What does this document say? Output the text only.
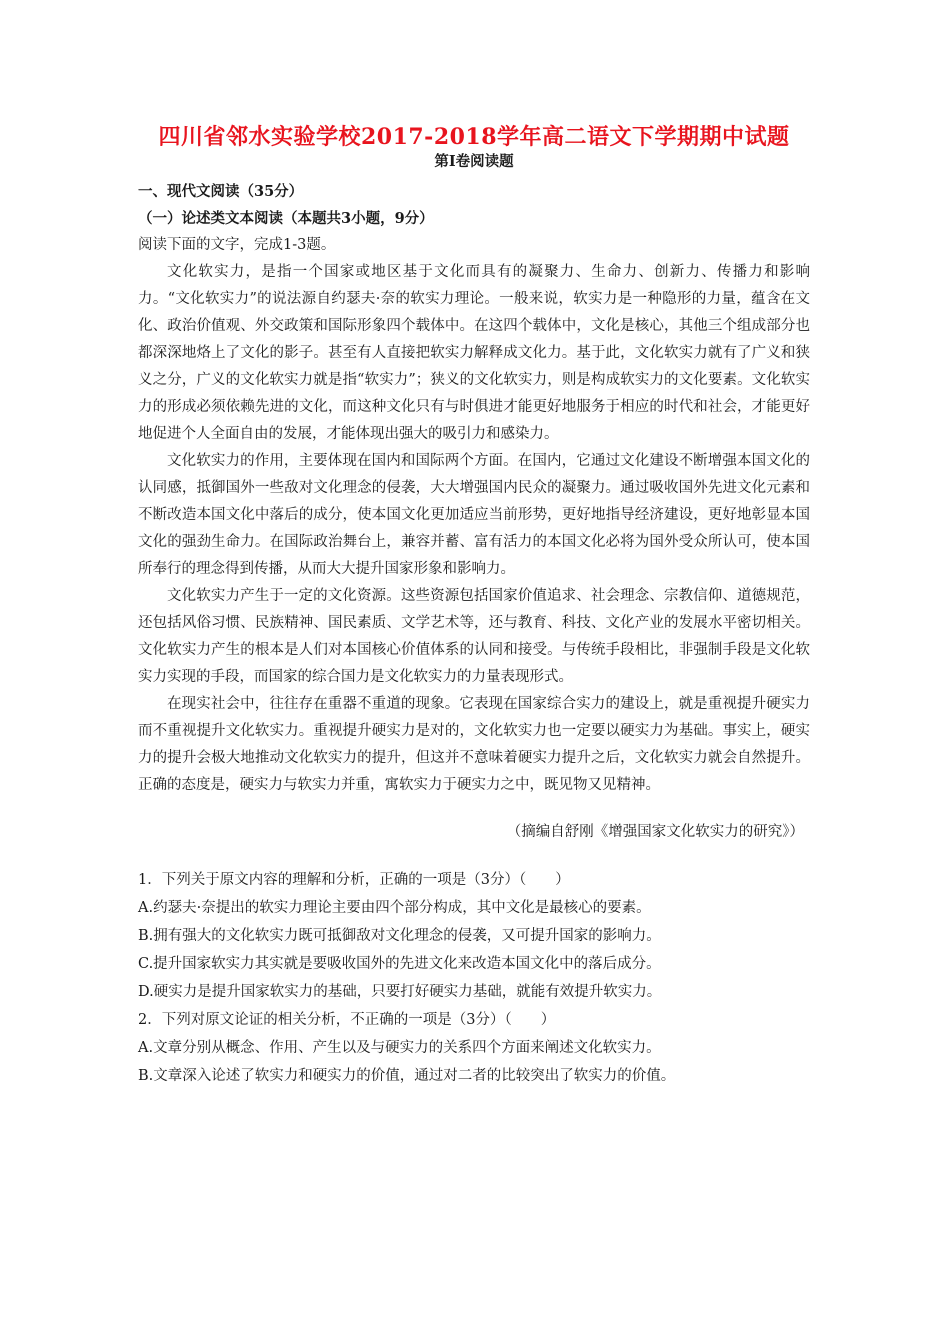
四川省邻水实验学校2017-2018学年高二语文下学期期中试题
第Ⅰ卷阅读题
一、现代文阅读（35分）
（一）论述类文本阅读（本题共3小题，9分）
阅读下面的文字，完成1-3题。

文化软实力，是指一个国家或地区基于文化而具有的凝聚力、生命力、创新力、传播力和影响力。“文化软实力”的说法源自约瑟夫·奈的软实力理论。一般来说，软实力是一种隐形的力量，蕴含在文化、政治价值观、外交政策和国际形象四个载体中。在这四个载体中，文化是核心，其他三个组成部分也都深深地烙上了文化的影子。甚至有人直接把软实力解释成文化力。基于此，文化软实力就有了广义和狭义之分，广义的文化软实力就是指“软实力”；狭义的文化软实力，则是构成软实力的文化要素。文化软实力的形成必须依赖先进的文化，而这种文化只有与时俱进才能更好地服务于相应的时代和社会，才能更好地促进个人全面自由的发展，才能体现出强大的吸引力和感染力。

文化软实力的作用，主要体现在国内和国际两个方面。在国内，它通过文化建设不断增强本国文化的认同感，抵御国外一些敌对文化理念的侵袭，大大增强国内民众的凝聚力。通过吸收国外先进文化元素和不断改造本国文化中落后的成分，使本国文化更加适应当前形势，更好地指导经济建设，更好地彰显本国文化的强劲生命力。在国际政治舞台上，兼容并蓄、富有活力的本国文化必将为国外受众所认可，使本国所奉行的理念得到传播，从而大大提升国家形象和影响力。

文化软实力产生于一定的文化资源。这些资源包括国家价值追求、社会理念、宗教信仰、道德规范，还包括风俗习惯、民族精神、国民素质、文学艺术等，还与教育、科技、文化产业的发展水平密切相关。文化软实力产生的根本是人们对本国核心价值体系的认同和接受。与传统手段相比，非强制手段是文化软实力实现的手段，而国家的综合国力是文化软实力的力量表现形式。

在现实社会中，往往存在重器不重道的现象。它表现在国家综合实力的建设上，就是重视提升硬实力而不重视提升文化软实力。重视提升硬实力是对的，文化软实力也一定要以硬实力为基础。事实上，硬实力的提升会极大地推动文化软实力的提升，但这并不意味着硬实力提升之后，文化软实力就会自然提升。正确的态度是，硬实力与软实力并重，寓软实力于硬实力之中，既见物又见精神。

（摘编自舒刚《增强国家文化软实力的研究》）
1．下列关于原文内容的理解和分析，正确的一项是（3分）（　　）
A.约瑟夫·奈提出的软实力理论主要由四个部分构成，其中文化是最核心的要素。
B.拥有强大的文化软实力既可抵御敌对文化理念的侵袭，又可提升国家的影响力。
C.提升国家软实力其实就是要吸收国外的先进文化来改造本国文化中的落后成分。
D.硬实力是提升国家软实力的基础，只要打好硬实力基础，就能有效提升软实力。
2．下列对原文论证的相关分析，不正确的一项是（3分）（　　）
A.文章分别从概念、作用、产生以及与硬实力的关系四个方面来阐述文化软实力。
B.文章深入论述了软实力和硬实力的价值，通过对二者的比较突出了软实力的价值。
